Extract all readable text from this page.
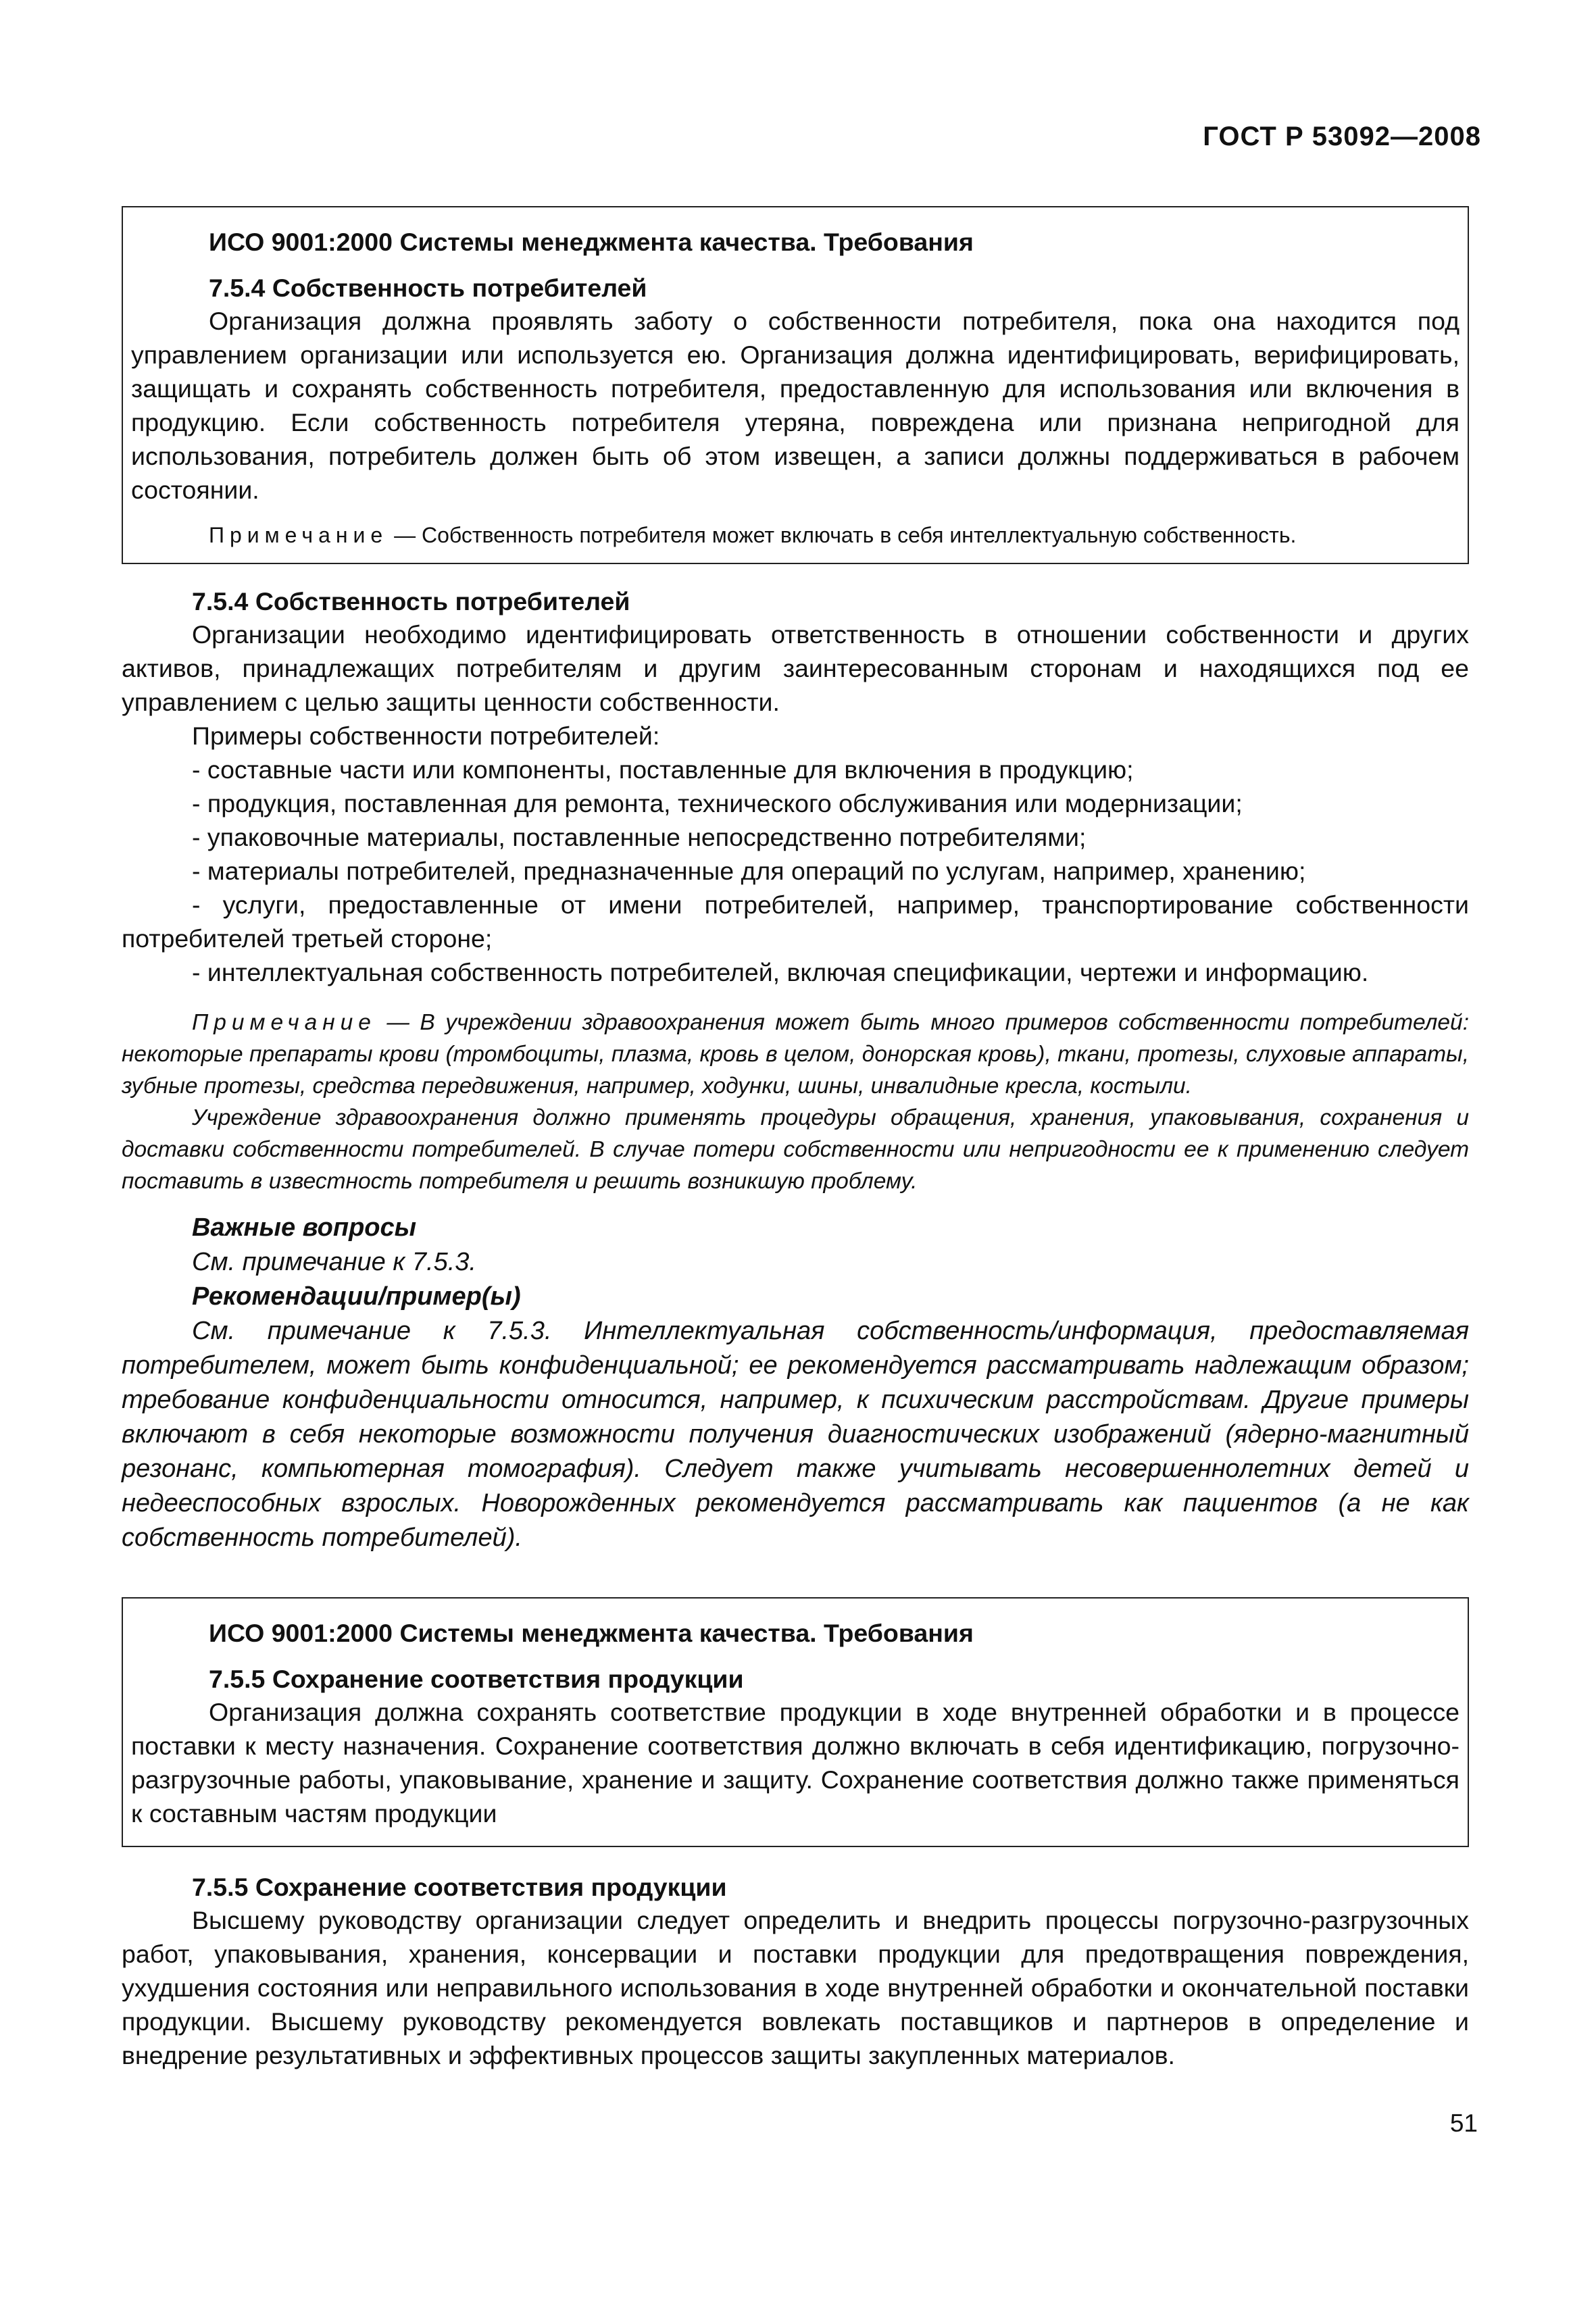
ГОСТ Р 53092—2008
ИСО 9001:2000 Системы менеджмента качества. Требования
7.5.4 Собственность потребителей

Организация должна проявлять заботу о собственности потребителя, пока она находится под управлением организации или используется ею. Организация должна идентифицировать, верифицировать, защищать и сохранять собственность потребителя, предоставленную для использования или включения в продукцию. Если собственность потребителя утеряна, повреждена или признана непригодной для использования, потребитель должен быть об этом извещен, а записи должны поддерживаться в рабочем состоянии.

Примечание — Собственность потребителя может включать в себя интеллектуальную собственность.
7.5.4 Собственность потребителей

Организации необходимо идентифицировать ответственность в отношении собственности и других активов, принадлежащих потребителям и другим заинтересованным сторонам и находящихся под ее управлением с целью защиты ценности собственности.

Примеры собственности потребителей:

- составные части или компоненты, поставленные для включения в продукцию;

- продукция, поставленная для ремонта, технического обслуживания или модернизации;

- упаковочные материалы, поставленные непосредственно потребителями;

- материалы потребителей, предназначенные для операций по услугам, например, хранению;

- услуги, предоставленные от имени потребителей, например, транспортирование собственности потребителей третьей стороне;

- интеллектуальная собственность потребителей, включая спецификации, чертежи и информацию.

Примечание — В учреждении здравоохранения может быть много примеров собственности потребителей: некоторые препараты крови (тромбоциты, плазма, кровь в целом, донорская кровь), ткани, протезы, слуховые аппараты, зубные протезы, средства передвижения, например, ходунки, шины, инвалидные кресла, костыли.

Учреждение здравоохранения должно применять процедуры обращения, хранения, упаковывания, сохранения и доставки собственности потребителей. В случае потери собственности или непригодности ее к применению следует поставить в известность потребителя и решить возникшую проблему.

Важные вопросы

См. примечание к 7.5.3.

Рекомендации/пример(ы)

См. примечание к 7.5.3. Интеллектуальная собственность/информация, предоставляемая потребителем, может быть конфиденциальной; ее рекомендуется рассматривать надлежащим образом; требование конфиденциальности относится, например, к психическим расстройствам. Другие примеры включают в себя некоторые возможности получения диагностических изображений (ядерно-магнитный резонанс, компьютерная томография). Следует также учитывать несовершеннолетних детей и недееспособных взрослых. Новорожденных рекомендуется рассматривать как пациентов (а не как собственность потребителей).

ИСО 9001:2000 Системы менеджмента качества. Требования
7.5.5 Сохранение соответствия продукции

Организация должна сохранять соответствие продукции в ходе внутренней обработки и в процессе поставки к месту назначения. Сохранение соответствия должно включать в себя идентификацию, погрузочно-разгрузочные работы, упаковывание, хранение и защиту. Сохранение соответствия должно также применяться к составным частям продукции

7.5.5 Сохранение соответствия продукции

Высшему руководству организации следует определить и внедрить процессы погрузочно-разгрузочных работ, упаковывания, хранения, консервации и поставки продукции для предотвращения повреждения, ухудшения состояния или неправильного использования в ходе внутренней обработки и окончательной поставки продукции. Высшему руководству рекомендуется вовлекать поставщиков и партнеров в определение и внедрение результативных и эффективных процессов защиты закупленных материалов.

51
